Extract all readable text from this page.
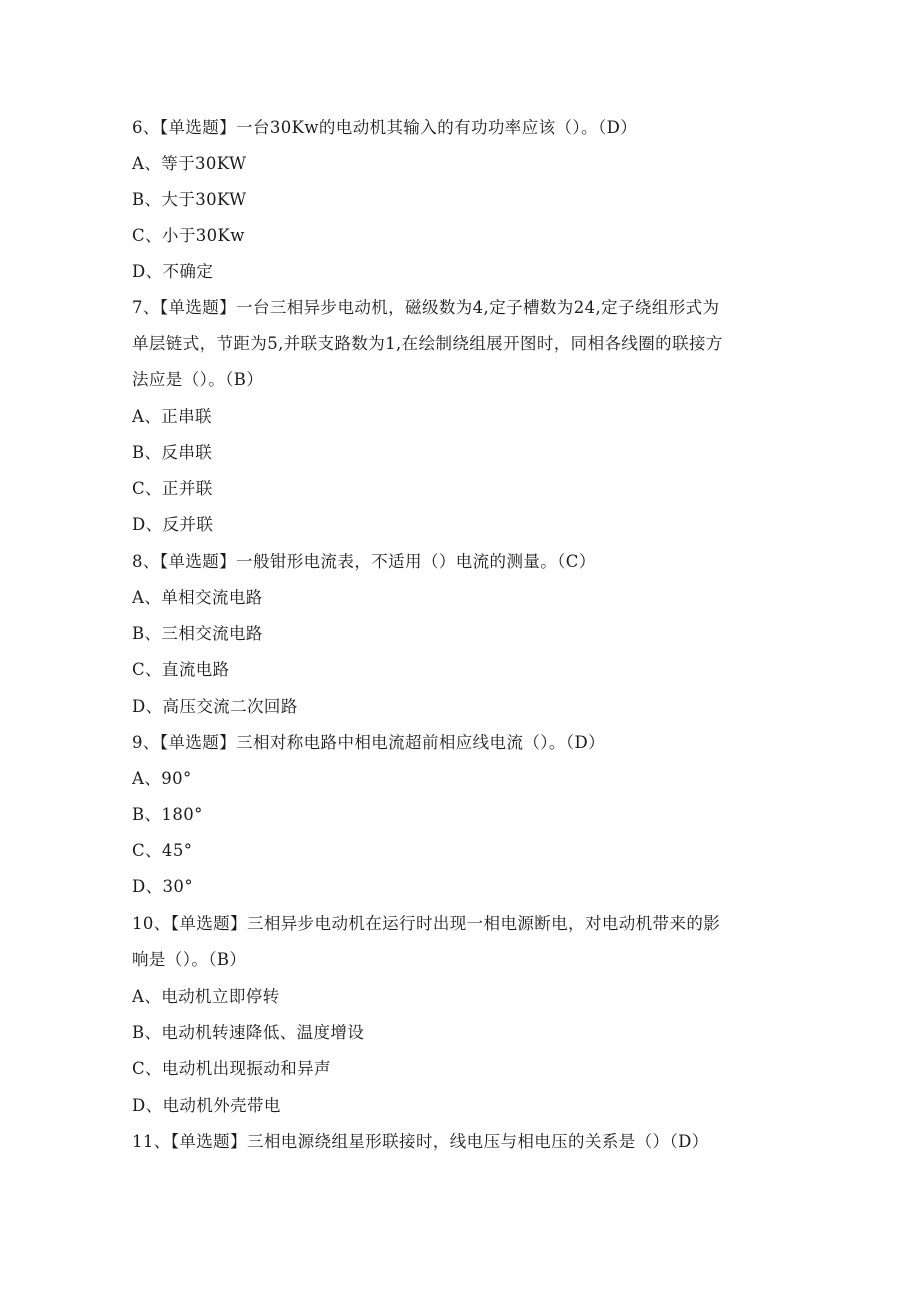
6、【单选题】一台30Kw的电动机其输入的有功功率应该（）。（D）
A、等于30KW
B、大于30KW
C、小于30Kw
D、不确定
7、【单选题】一台三相异步电动机，磁级数为4,定子槽数为24,定子绕组形式为
单层链式，节距为5,并联支路数为1,在绘制绕组展开图时，同相各线圈的联接方
法应是（）。（B）
A、正串联
B、反串联
C、正并联
D、反并联
8、【单选题】一般钳形电流表，不适用（）电流的测量。（C）
A、单相交流电路
B、三相交流电路
C、直流电路
D、高压交流二次回路
9、【单选题】三相对称电路中相电流超前相应线电流（）。（D）
A、90°
B、180°
C、45°
D、30°
10、【单选题】三相异步电动机在运行时出现一相电源断电，对电动机带来的影
响是（）。（B）
A、电动机立即停转
B、电动机转速降低、温度增设
C、电动机出现振动和异声
D、电动机外壳带电
11、【单选题】三相电源绕组星形联接时，线电压与相电压的关系是（）（D）
